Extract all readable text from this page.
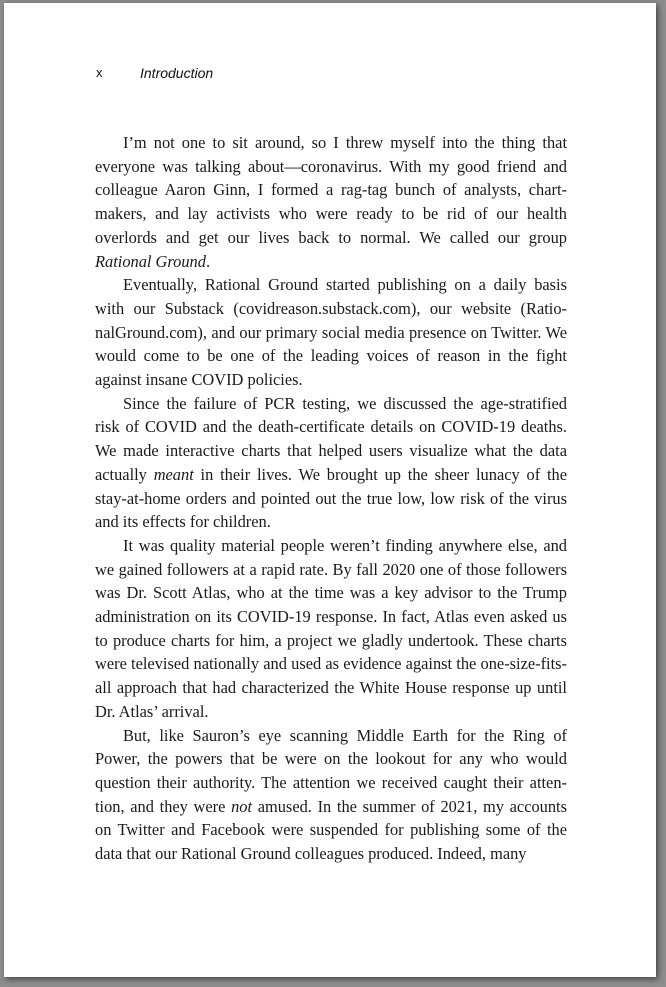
x	Introduction

I’m not one to sit around, so I threw myself into the thing that everyone was talking about—coronavirus. With my good friend and colleague Aaron Ginn, I formed a rag-tag bunch of analysts, chart-makers, and lay activists who were ready to be rid of our health overlords and get our lives back to normal. We called our group Rational Ground.

Eventually, Rational Ground started publishing on a daily basis with our Substack (covidreason.substack.com), our website (RationalGround.com), and our primary social media presence on Twitter. We would come to be one of the leading voices of reason in the fight against insane COVID policies.

Since the failure of PCR testing, we discussed the age-stratified risk of COVID and the death-certificate details on COVID-19 deaths. We made interactive charts that helped users visualize what the data actually meant in their lives. We brought up the sheer lunacy of the stay-at-home orders and pointed out the true low, low risk of the virus and its effects for children.

It was quality material people weren’t finding anywhere else, and we gained followers at a rapid rate. By fall 2020 one of those followers was Dr. Scott Atlas, who at the time was a key advisor to the Trump administration on its COVID-19 response. In fact, Atlas even asked us to produce charts for him, a project we gladly undertook. These charts were televised nationally and used as evidence against the one-size-fits-all approach that had characterized the White House response up until Dr. Atlas’ arrival.

But, like Sauron’s eye scanning Middle Earth for the Ring of Power, the powers that be were on the lookout for any who would question their authority. The attention we received caught their attention, and they were not amused. In the summer of 2021, my accounts on Twitter and Facebook were suspended for publishing some of the data that our Rational Ground colleagues produced. Indeed, many
